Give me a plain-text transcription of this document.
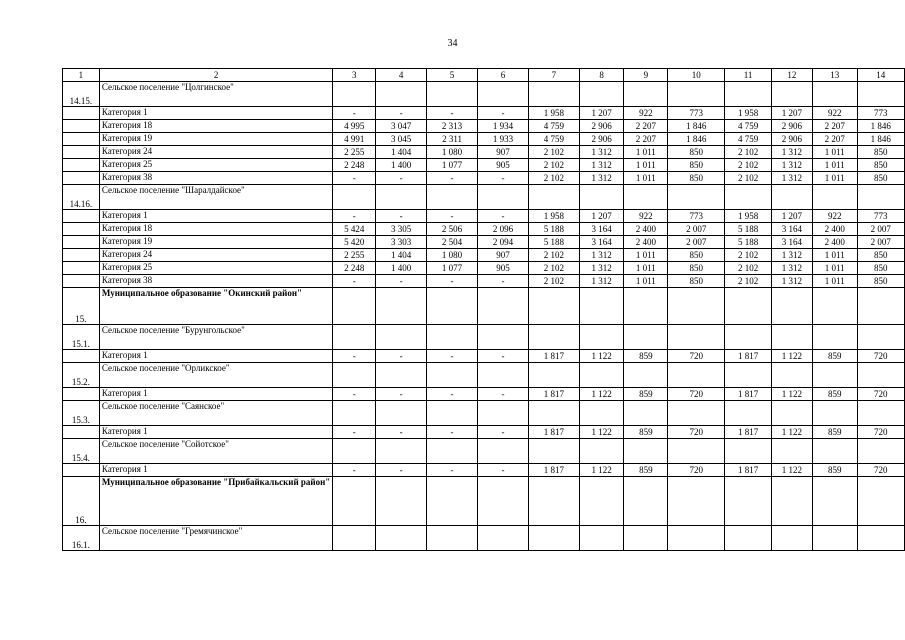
34
1	2	3	4	5	6	7	8	9	10	11	12	13	14
14.15.	Сельское поселение "Цолгинское"												
	Категория 1	-	-	-	-	1 958	1 207	922	773	1 958	1 207	922	773
	Категория 18	4 995	3 047	2 313	1 934	4 759	2 906	2 207	1 846	4 759	2 906	2 207	1 846
	Категория 19	4 991	3 045	2 311	1 933	4 759	2 906	2 207	1 846	4 759	2 906	2 207	1 846
	Категория 24	2 255	1 404	1 080	907	2 102	1 312	1 011	850	2 102	1 312	1 011	850
	Категория 25	2 248	1 400	1 077	905	2 102	1 312	1 011	850	2 102	1 312	1 011	850
	Категория 38	-	-	-	-	2 102	1 312	1 011	850	2 102	1 312	1 011	850
14.16.	Сельское поселение "Шаралдайское"												
	Категория 1	-	-	-	-	1 958	1 207	922	773	1 958	1 207	922	773
	Категория 18	5 424	3 305	2 506	2 096	5 188	3 164	2 400	2 007	5 188	3 164	2 400	2 007
	Категория 19	5 420	3 303	2 504	2 094	5 188	3 164	2 400	2 007	5 188	3 164	2 400	2 007
	Категория 24	2 255	1 404	1 080	907	2 102	1 312	1 011	850	2 102	1 312	1 011	850
	Категория 25	2 248	1 400	1 077	905	2 102	1 312	1 011	850	2 102	1 312	1 011	850
	Категория 38	-	-	-	-	2 102	1 312	1 011	850	2 102	1 312	1 011	850
15.	Муниципальное образование "Окинский район"												
15.1.	Сельское поселение "Бурунгольское"												
	Категория 1	-	-	-	-	1 817	1 122	859	720	1 817	1 122	859	720
15.2.	Сельское поселение "Орликское"												
	Категория 1	-	-	-	-	1 817	1 122	859	720	1 817	1 122	859	720
15.3.	Сельское поселение "Саянское"												
	Категория 1	-	-	-	-	1 817	1 122	859	720	1 817	1 122	859	720
15.4.	Сельское поселение "Сойотское"												
	Категория 1	-	-	-	-	1 817	1 122	859	720	1 817	1 122	859	720
16.	Муниципальное образование "Прибайкальский район"												
16.1.	Сельское поселение "Гремячинское"												
